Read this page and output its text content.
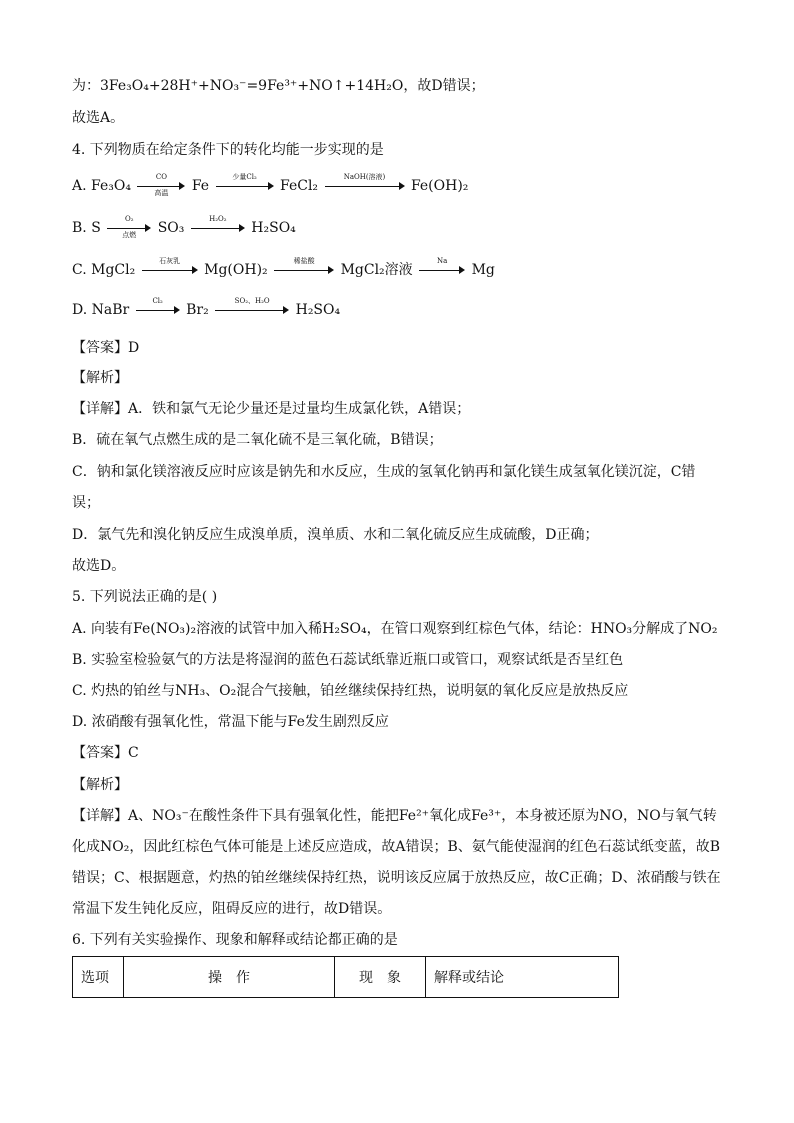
为：3Fe₃O₄+28H⁺+NO₃⁻=9Fe³⁺+NO↑+14H₂O，故D错误；
故选A。
4. 下列物质在给定条件下的转化均能一步实现的是
A. Fe₃O₄
CO
高温	Fe
少量Cl₂
FeCl₂
NaOH(溶液)
Fe(OH)₂
B. S
O₂
点燃	SO₃
H₂O₂
H₂SO₄
C. MgCl₂
石灰乳
Mg(OH)₂
稀盐酸
MgCl₂溶液
Na
Mg
D. NaBr
Cl₂
Br₂
SO₂、H₂O
H₂SO₄
【答案】D
【解析】
【详解】A．铁和氯气无论少量还是过量均生成氯化铁，A错误；
B．硫在氧气点燃生成的是二氧化硫不是三氧化硫，B错误；
C．钠和氯化镁溶液反应时应该是钠先和水反应，生成的氢氧化钠再和氯化镁生成氢氧化镁沉淀，C错
误；
D．氯气先和溴化钠反应生成溴单质，溴单质、水和二氧化硫反应生成硫酸，D正确；
故选D。
5. 下列说法正确的是( )
A. 向装有Fe(NO₃)₂溶液的试管中加入稀H₂SO₄，在管口观察到红棕色气体，结论：HNO₃分解成了NO₂
B. 实验室检验氨气的方法是将湿润的蓝色石蕊试纸靠近瓶口或管口，观察试纸是否呈红色
C. 灼热的铂丝与NH₃、O₂混合气接触，铂丝继续保持红热，说明氨的氧化反应是放热反应
D. 浓硝酸有强氧化性，常温下能与Fe发生剧烈反应
【答案】C
【解析】
【详解】A、NO₃⁻在酸性条件下具有强氧化性，能把Fe²⁺氧化成Fe³⁺，本身被还原为NO，NO与氧气转
化成NO₂，因此红棕色气体可能是上述反应造成，故A错误；B、氨气能使湿润的红色石蕊试纸变蓝，故B
错误；C、根据题意，灼热的铂丝继续保持红热，说明该反应属于放热反应，故C正确；D、浓硝酸与铁在
常温下发生钝化反应，阻碍反应的进行，故D错误。
6. 下列有关实验操作、现象和解释或结论都正确的是
选项	操　作	现　象	解释或结论
